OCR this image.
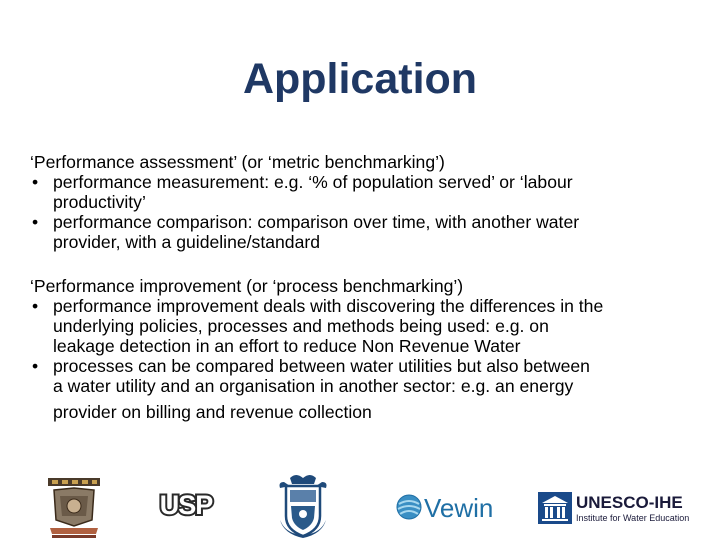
Application

‘Performance assessment’ (or ‘metric benchmarking’)

• performance measurement: e.g. ‘% of population served’ or ‘labour
productivity’
• performance comparison: comparison over time, with another water
provider, with a guideline/standard

‘Performance improvement (or ‘process benchmarking’)

• performance improvement deals with discovering the differences in the
underlying policies, processes and methods being used: e.g. on
leakage detection in an effort to reduce Non Revenue Water
• processes can be compared between water utilities but also between
a water utility and an organisation in another sector: e.g. an energy
provider on billing and revenue collection
USP	Vewin	UNESCO-IHE
Institute for Water Education
